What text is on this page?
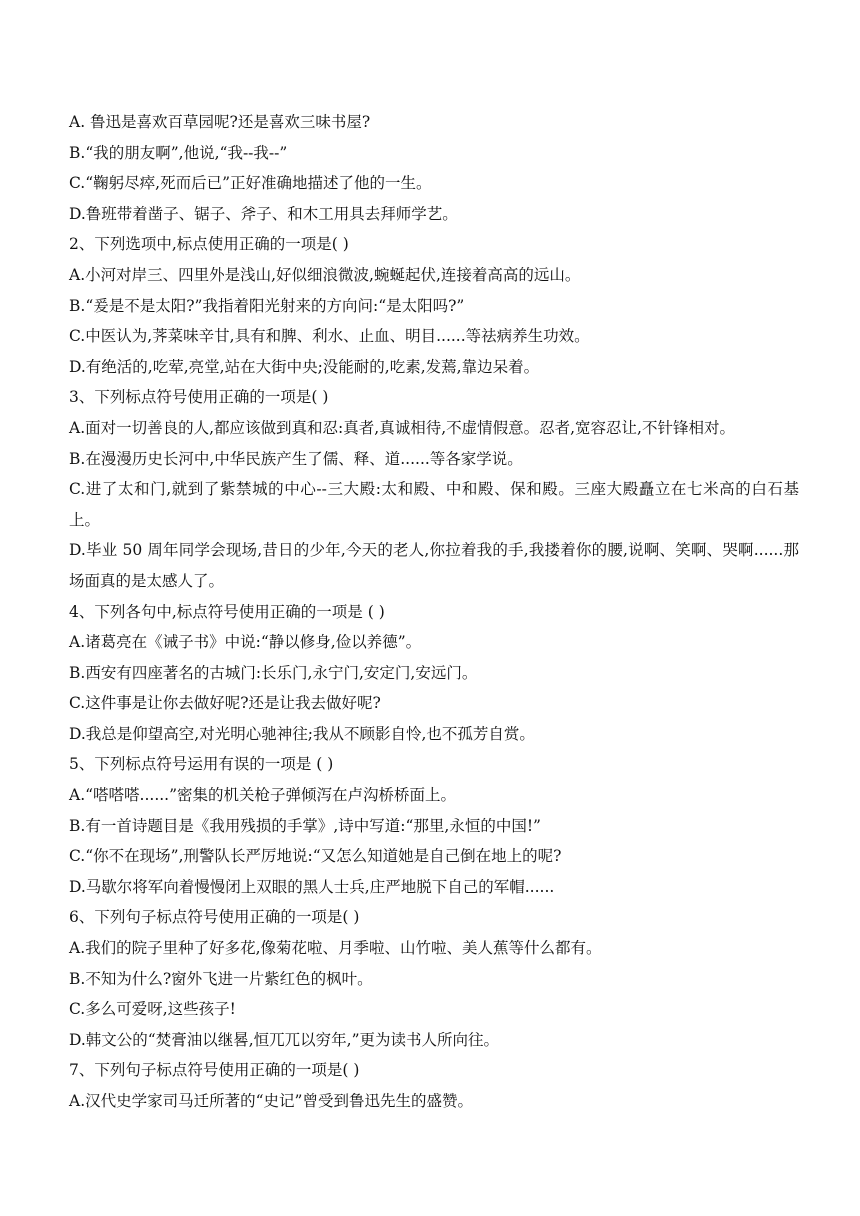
A. 鲁迅是喜欢百草园呢?还是喜欢三味书屋?
B.“我的朋友啊”,他说,“我--我--”
C.“鞠躬尽瘁,死而后已”正好准确地描述了他的一生。
D.鲁班带着凿子、锯子、斧子、和木工用具去拜师学艺。
2、下列选项中,标点使用正确的一项是( )
A.小河对岸三、四里外是浅山,好似细浪微波,蜿蜒起伏,连接着高高的远山。
B.“爰是不是太阳?”我指着阳光射来的方向问:“是太阳吗?”
C.中医认为,荠菜味辛甘,具有和脾、利水、止血、明目......等祛病养生功效。
D.有绝活的,吃荤,亮堂,站在大街中央;没能耐的,吃素,发蔫,靠边呆着。
3、下列标点符号使用正确的一项是( )
A.面对一切善良的人,都应该做到真和忍:真者,真诚相待,不虚情假意。忍者,宽容忍让,不针锋相对。
B.在漫漫历史长河中,中华民族产生了儒、释、道......等各家学说。
C.进了太和门,就到了紫禁城的中心--三大殿:太和殿、中和殿、保和殿。三座大殿矗立在七米高的白石基上。
D.毕业 50 周年同学会现场,昔日的少年,今天的老人,你拉着我的手,我搂着你的腰,说啊、笑啊、哭啊......那场面真的是太感人了。
4、下列各句中,标点符号使用正确的一项是 ( )
A.诸葛亮在《诫子书》中说:“静以修身,俭以养德”。
B.西安有四座著名的古城门:长乐门,永宁门,安定门,安远门。
C.这件事是让你去做好呢?还是让我去做好呢?
D.我总是仰望高空,对光明心驰神往;我从不顾影自怜,也不孤芳自赏。
5、下列标点符号运用有误的一项是 ( )
A.“嗒嗒嗒......”密集的机关枪子弹倾泻在卢沟桥桥面上。
B.有一首诗题目是《我用残损的手掌》,诗中写道:“那里,永恒的中国!”
C.“你不在现场”,刑警队长严厉地说:“又怎么知道她是自己倒在地上的呢?
D.马歇尔将军向着慢慢闭上双眼的黑人士兵,庄严地脱下自己的军帽......
6、下列句子标点符号使用正确的一项是( )
A.我们的院子里种了好多花,像菊花啦、月季啦、山竹啦、美人蕉等什么都有。
B.不知为什么?窗外飞进一片紫红色的枫叶。
C.多么可爱呀,这些孩子!
D.韩文公的“焚膏油以继晷,恒兀兀以穷年,”更为读书人所向往。
7、下列句子标点符号使用正确的一项是( )
A.汉代史学家司马迁所著的“史记”曾受到鲁迅先生的盛赞。
